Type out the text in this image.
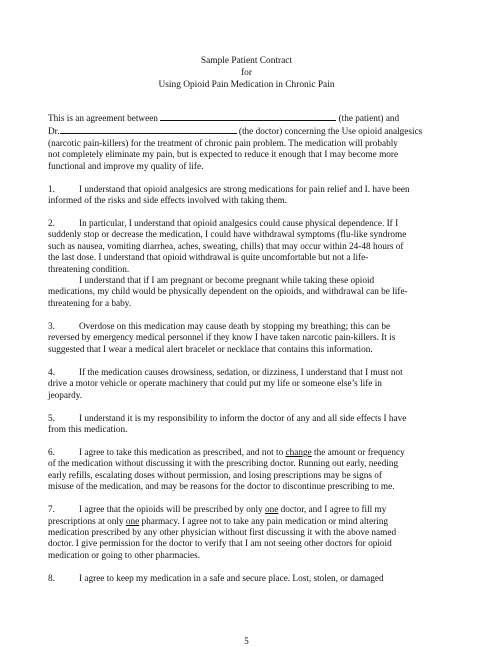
Sample Patient Contract
for
Using Opioid Pain Medication in Chronic Pain

This is an agreement between	(the patient) and
Dr.	(the doctor) concerning the Use opioid analgesics
(narcotic pain-killers) for the treatment of chronic pain problem. The medication will probably
not completely eliminate my pain, but is expected to reduce it enough that I may become more
functional and improve my quality of life.

1.	I understand that opioid analgesics are strong medications for pain relief and I. have been
informed of the risks and side effects involved with taking them.

2.	In particular, I understand that opioid analgesics could cause physical dependence. If I
suddenly stop or decrease the medication, I could have withdrawal symptoms (flu-like syndrome
such as nausea, vomiting diarrhea, aches, sweating, chills) that may occur within 24-48 hours of
the last dose. I understand that opioid withdrawal is quite uncomfortable but not a life-
threatening condition.
I understand that if I am pregnant or become pregnant while taking these opioid
medications, my child would be physically dependent on the opioids, and withdrawal can be life-
threatening for a baby.

3.	Overdose on this medication may cause death by stopping my breathing; this can be
reversed by emergency medical personnel if they know I have taken narcotic pain-killers. It is
suggested that I wear a medical alert bracelet or necklace that contains this information.

4.	If the medication causes drowsiness, sedation, or dizziness, I understand that I must not
drive a motor vehicle or operate machinery that could put my life or someone else’s life in
jeopardy.

5.	I understand it is my responsibility to inform the doctor of any and all side effects I have
from this medication.

6.	I agree to take this medication as prescribed, and not to change the amount or frequency
of the medication without discussing it with the prescribing doctor. Running out early, needing
early refills, escalating doses without permission, and losing prescriptions may be signs of
misuse of the medication, and may be reasons for the doctor to discontinue prescribing to me.

7.	I agree that the opioids will be prescribed by only one doctor, and I agree to fill my
prescriptions at only one pharmacy. I agree not to take any pain medication or mind altering
medication prescribed by any other physician without first discussing it with the above named
doctor. I give permission for the doctor to verify that I am not seeing other doctors for opioid
medication or going to other pharmacies.

8.	I agree to keep my medication in a safe and secure place. Lost, stolen, or damaged

5
